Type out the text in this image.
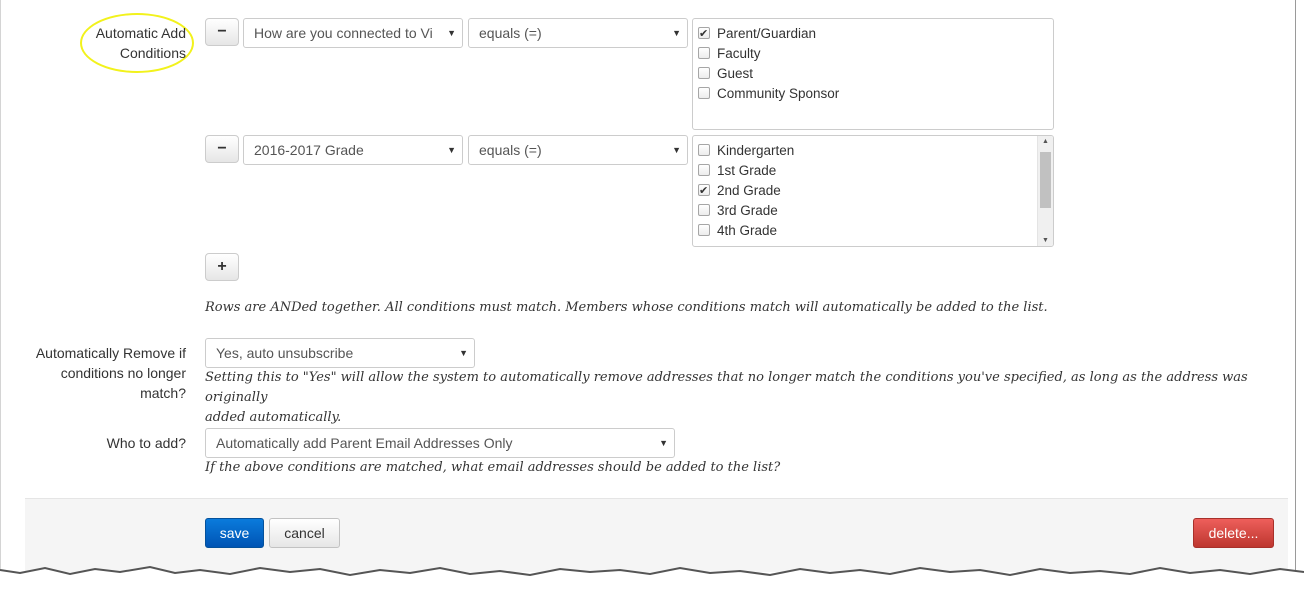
Automatic Add Conditions
−	How are you connected to Vi	▼ equals (=)	▼
✔	Parent/Guardian
Faculty
Guest
Community Sponsor
−	2016-2017 Grade	▼ equals (=)	▼	Kindergarten
1st Grade
✔2nd Grade
3rd Grade
4th Grade
▲
▼
+
Rows are ANDed together. All conditions must match. Members whose conditions match will automatically be added to the list.
Automatically Remove if
conditions no longer
match?
Yes, auto unsubscribe	▼
Setting this to "Yes" will allow the system to automatically remove addresses that no longer match the conditions you've specified, as long as the address was originally
added automatically.
Who to add? Automatically add Parent Email Addresses Only	▼
If the above conditions are matched, what email addresses should be added to the list?
save	cancel	delete...
